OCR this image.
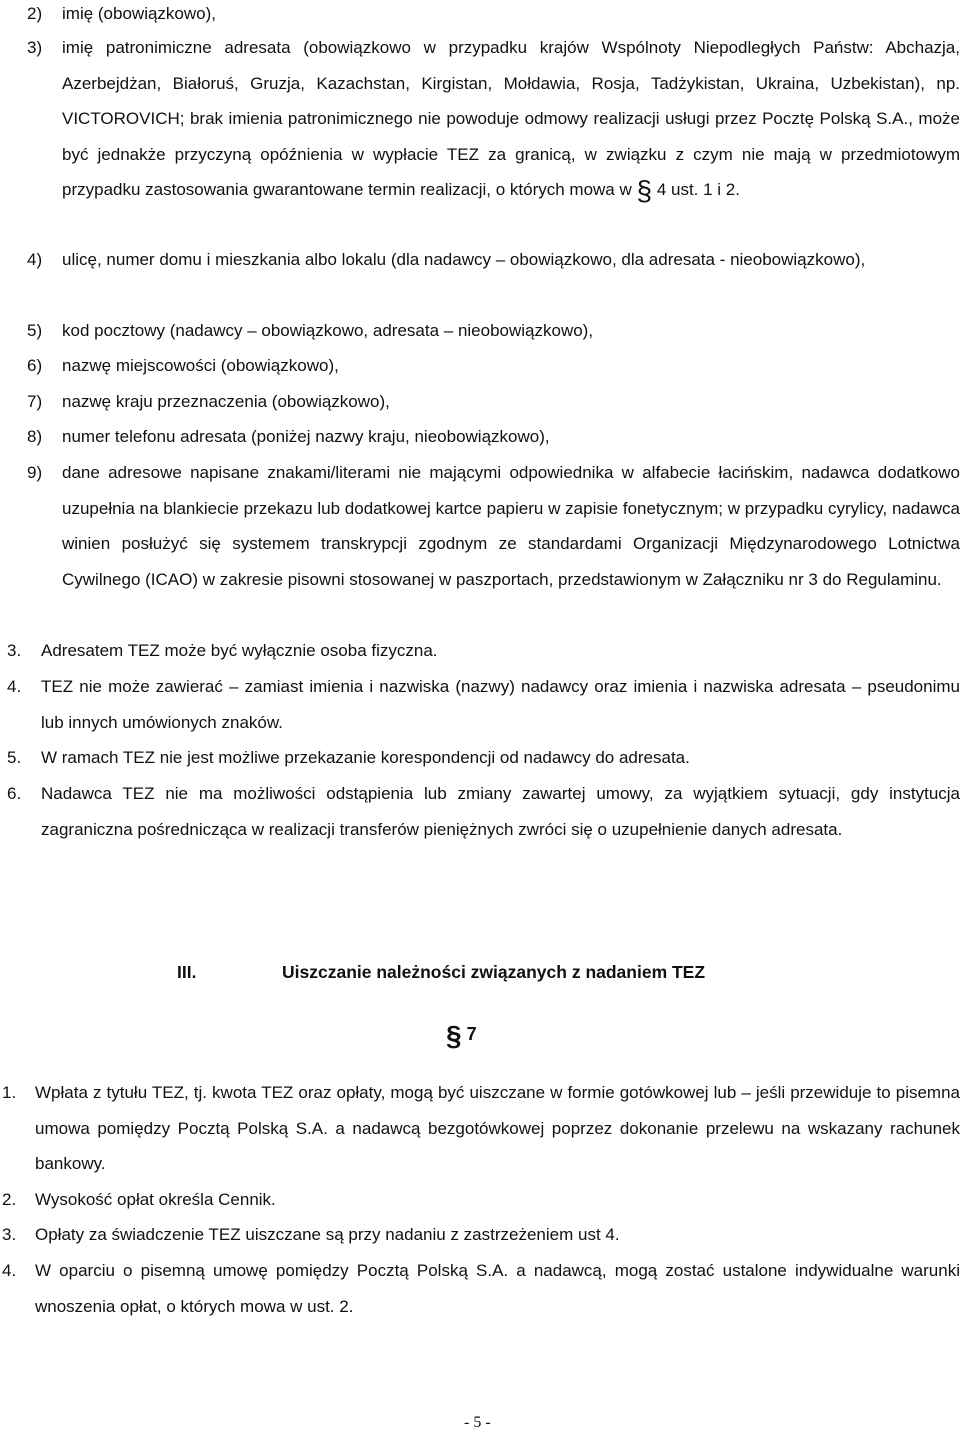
2) imię (obowiązkowo),

3) imię patronimiczne adresata (obowiązkowo w przypadku krajów Wspólnoty Niepodległych Państw: Abchazja, Azerbejdżan, Białoruś, Gruzja, Kazachstan, Kirgistan, Mołdawia, Rosja, Tadżykistan, Ukraina, Uzbekistan), np. VICTOROVICH; brak imienia patronimicznego nie powoduje odmowy realizacji usługi przez Pocztę Polską S.A., może być jednakże przyczyną opóźnienia w wypłacie TEZ za granicą, w związku z czym nie mają w przedmiotowym przypadku zastosowania gwarantowane termin realizacji, o których mowa w § 4 ust. 1 i 2.

4) ulicę, numer domu i mieszkania albo lokalu (dla nadawcy – obowiązkowo, dla adresata - nieobowiązkowo),

5) kod pocztowy (nadawcy – obowiązkowo, adresata – nieobowiązkowo),

6) nazwę miejscowości (obowiązkowo),

7) nazwę kraju przeznaczenia (obowiązkowo),

8) numer telefonu adresata (poniżej nazwy kraju, nieobowiązkowo),

9) dane adresowe napisane znakami/literami nie mającymi odpowiednika w alfabecie łacińskim, nadawca dodatkowo uzupełnia na blankiecie przekazu lub dodatkowej kartce papieru w zapisie fonetycznym; w przypadku cyrylicy, nadawca winien posłużyć się systemem transkrypcji zgodnym ze standardami Organizacji Międzynarodowego Lotnictwa Cywilnego (ICAO) w zakresie pisowni stosowanej w paszportach, przedstawionym w Załączniku nr 3 do Regulaminu.

3. Adresatem TEZ może być wyłącznie osoba fizyczna.

4. TEZ nie może zawierać – zamiast imienia i nazwiska (nazwy) nadawcy oraz imienia i nazwiska adresata – pseudonimu lub innych umówionych znaków.

5. W ramach TEZ nie jest możliwe przekazanie korespondencji od nadawcy do adresata.

6. Nadawca TEZ nie ma możliwości odstąpienia lub zmiany zawartej umowy, za wyjątkiem sytuacji, gdy instytucja zagraniczna pośrednicząca w realizacji transferów pieniężnych zwróci się o uzupełnienie danych adresata.

III.	Uiszczanie należności związanych z nadaniem TEZ

§ 7

1. Wpłata z tytułu TEZ, tj. kwota TEZ oraz opłaty, mogą być uiszczane w formie gotówkowej lub – jeśli przewiduje to pisemna umowa pomiędzy Pocztą Polską S.A. a nadawcą bezgotówkowej poprzez dokonanie przelewu na wskazany rachunek bankowy.

2. Wysokość opłat określa Cennik.

3. Opłaty za świadczenie TEZ uiszczane są przy nadaniu z zastrzeżeniem ust 4.

4. W oparciu o pisemną umowę pomiędzy Pocztą Polską S.A. a nadawcą, mogą zostać ustalone indywidualne warunki wnoszenia opłat, o których mowa w ust. 2.

- 5 -
